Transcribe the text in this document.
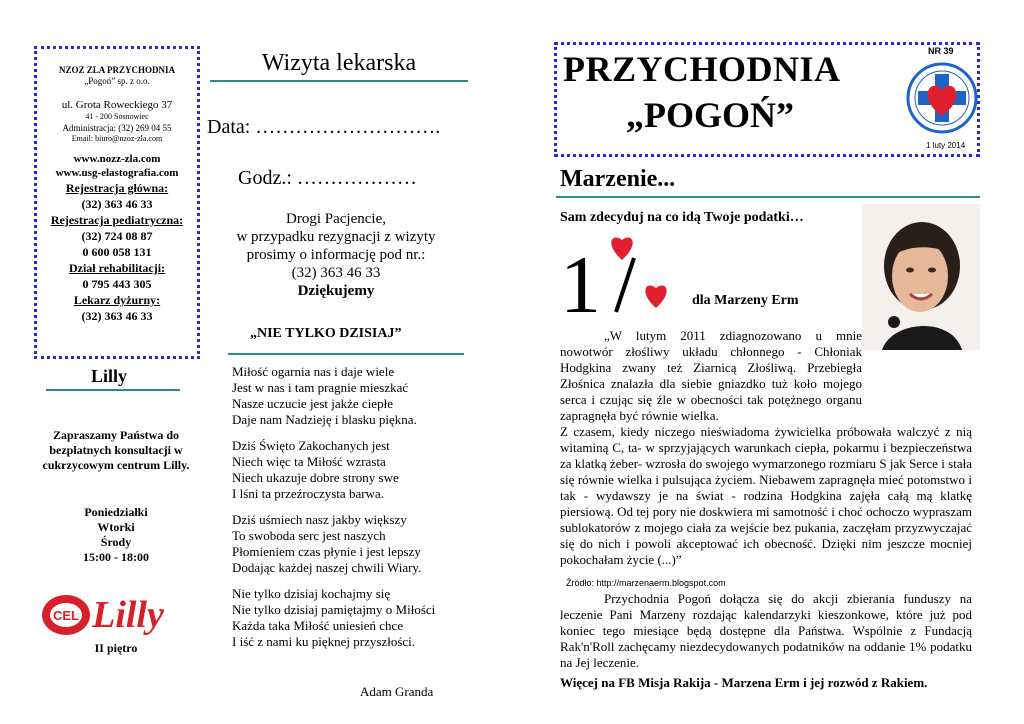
NZOZ ZLA PRZYCHODNIA
„Pogoń” sp. z o.o.
ul. Grota Roweckiego 37
41 - 200 Sosnowiec
Administracja: (32) 269 04 55
Email: biuro@nzoz-zla.com
www.nozz-zla.com
www.usg-elastografia.com
Rejestracja główna:
(32) 363 46 33
Rejestracja pediatryczna:
(32) 724 08 87
0 600 058 131
Dział rehabilitacji:
0 795 443 305
Lekarz dyżurny:
(32) 363 46 33
Lilly
Zapraszamy Państwa do bezpłatnych konsultacji w cukrzycowym centrum Lilly.
Poniedziałki
Wtorki
Środy
15:00 - 18:00
CEL Lilly
II piętro
Wizyta lekarska
Data: ……………………….
Godz.: ………………
Drogi Pacjencie,
w przypadku rezygnacji z wizyty
prosimy o informację pod nr.:
(32) 363 46 33
Dziękujemy
„NIE TYLKO DZISIAJ”
Miłość ogarnia nas i daje wiele
Jest w nas i tam pragnie mieszkać
Nasze uczucie jest jakże ciepłe
Daje nam Nadzieję i blasku piękna.
Dziś Święto Zakochanych jest
Niech więc ta Miłość wzrasta
Niech ukazuje dobre strony swe
I lśni ta przeźroczysta barwa.
Dziś uśmiech nasz jakby większy
To swoboda serc jest naszych
Płomieniem czas płynie i jest lepszy
Dodając każdej naszej chwili Wiary.
Nie tylko dzisiaj kochajmy się
Nie tylko dzisiaj pamiętajmy o Miłości
Każda taka Miłość uniesień chce
I iść z nami ku pięknej przyszłości.
Adam Granda
PRZYCHODNIA
„POGOŃ”
NR 39
1 luty 2014
Marzenie...
Sam zdecyduj na co idą Twoje podatki…
1
%
dla Marzeny Erm
„W lutym 2011 zdiagnozowano u mnie nowotwór złośliwy układu chłonnego - Chłoniak Hodgkina zwany też Ziarnicą Złośliwą. Przebiegła Złośnica znalazła dla siebie gniazdko tuż koło mojego serca i czując się źle w obecności tak potężnego organu zapragnęła być równie wielka.
Z czasem, kiedy niczego nieświadoma żywicielka próbowała walczyć z nią witaminą C, ta- w sprzyjających warunkach ciepła, pokarmu i bezpieczeństwa za klatką żeber- wzrosła do swojego wymarzonego rozmiaru S jak Serce i stała się równie wielka i pulsująca życiem. Niebawem zapragnęła mieć potomstwo i tak - wydawszy je na świat - rodzina Hodgkina zajęła całą mą klatkę piersiową. Od tej pory nie doskwiera mi samotność i choć ochoczo wypraszam sublokatorów z mojego ciała za wejście bez pukania, zaczęłam przyzwyczajać się do nich i powoli akceptować ich obecność. Dzięki nim jeszcze mocniej pokochałam życie (...)”
Źródło: http://marzenaerm.blogspot.com
Przychodnia Pogoń dołącza się do akcji zbierania funduszy na leczenie Pani Marzeny rozdając kalendarzyki kieszonkowe, które już pod koniec tego miesiące będą dostępne dla Państwa. Wspólnie z Fundacją Rak'n'Roll zachęcamy niezdecydowanych podatników na oddanie 1% podatku na Jej leczenie.
Więcej na FB Misja Rakija - Marzena Erm i jej rozwód z Rakiem.
